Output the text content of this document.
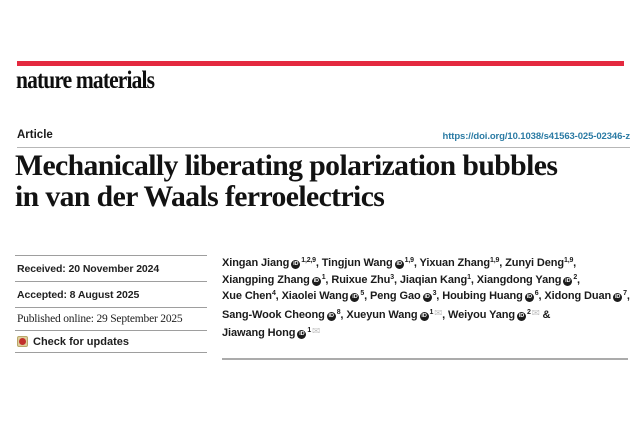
nature materials
Article	https://doi.org/10.1038/s41563-025-02346-z
Mechanically liberating polarization bubbles
in van der Waals ferroelectrics
Received: 20 November 2024
Accepted: 8 August 2025
Published online: 29 September 2025
Check for updates
Xingan Jiang iD $^{1,2,9}$, Tingjun Wang iD $^{1,9}$, Yixuan Zhang$^{1,9}$, Zunyi Deng$^{1,9}$,
Xiangping Zhang iD $^1$, Ruixue Zhu$^3$, Jiaqian Kang$^1$, Xiangdong Yang iD $^2$,
Xue Chen$^4$, Xiaolei Wang iD $^5$, Peng Gao iD $^3$, Houbing Huang iD $^6$, Xidong Duan iD $^7$,
Sang-Wook Cheong iD $^8$, Xueyun Wang iD $^1$✉, Weiyou Yang iD $^2$✉ &
Jiawang Hong iD $^1$✉
